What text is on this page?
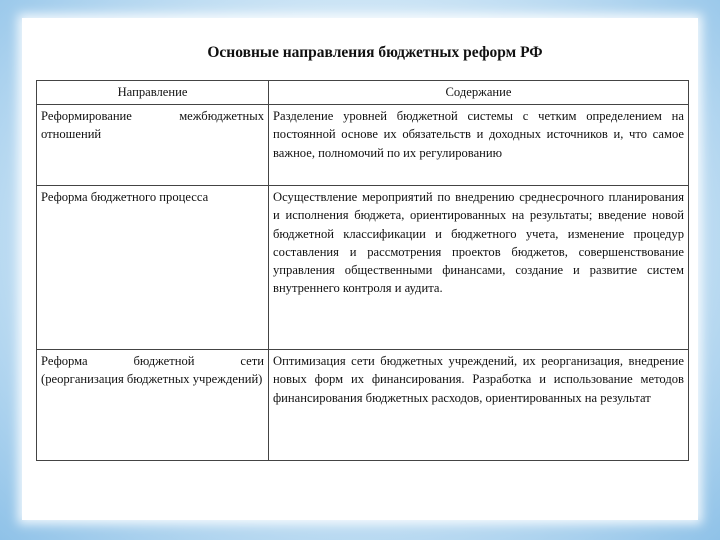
Основные направления бюджетных реформ РФ
Направление	Содержание
Реформирование межбюджетных отношений	Разделение уровней бюджетной системы с четким определением на постоянной основе их обязательств и доходных источников и, что самое важное, полномочий по их регулированию
Реформа бюджетного процесса	Осуществление мероприятий по внедрению среднесрочного планирования и исполнения бюджета, ориентированных на результаты; введение новой бюджетной классификации и бюджетного учета, изменение процедур составления и рассмотрения проектов бюджетов, совершенствование управления общественными финансами, создание и развитие систем внутреннего контроля и аудита.
Реформа бюджетной сети (реорганизация бюджетных учреждений)	Оптимизация сети бюджетных учреждений, их реорганизация, внедрение новых форм их финансирования. Разработка и использование методов финансирования бюджетных расходов, ориентированных на результат
